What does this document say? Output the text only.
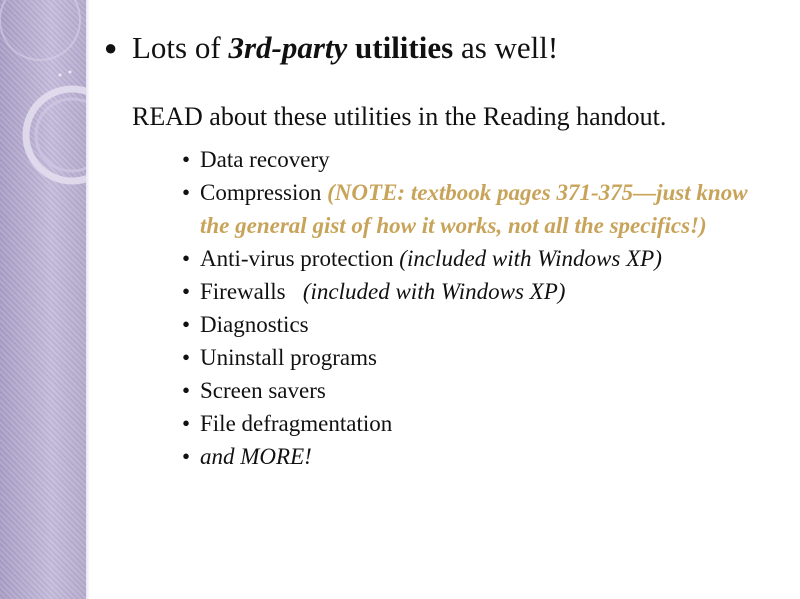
● Lots of 3rd-party utilities as well!
READ about these utilities in the Reading handout.
• Data recovery
• Compression (NOTE: textbook pages 371-375—just know the general gist of how it works, not all the specifics!)
• Anti-virus protection (included with Windows XP)
• Firewalls   (included with Windows XP)
• Diagnostics
• Uninstall programs
• Screen savers
• File defragmentation
• and MORE!
